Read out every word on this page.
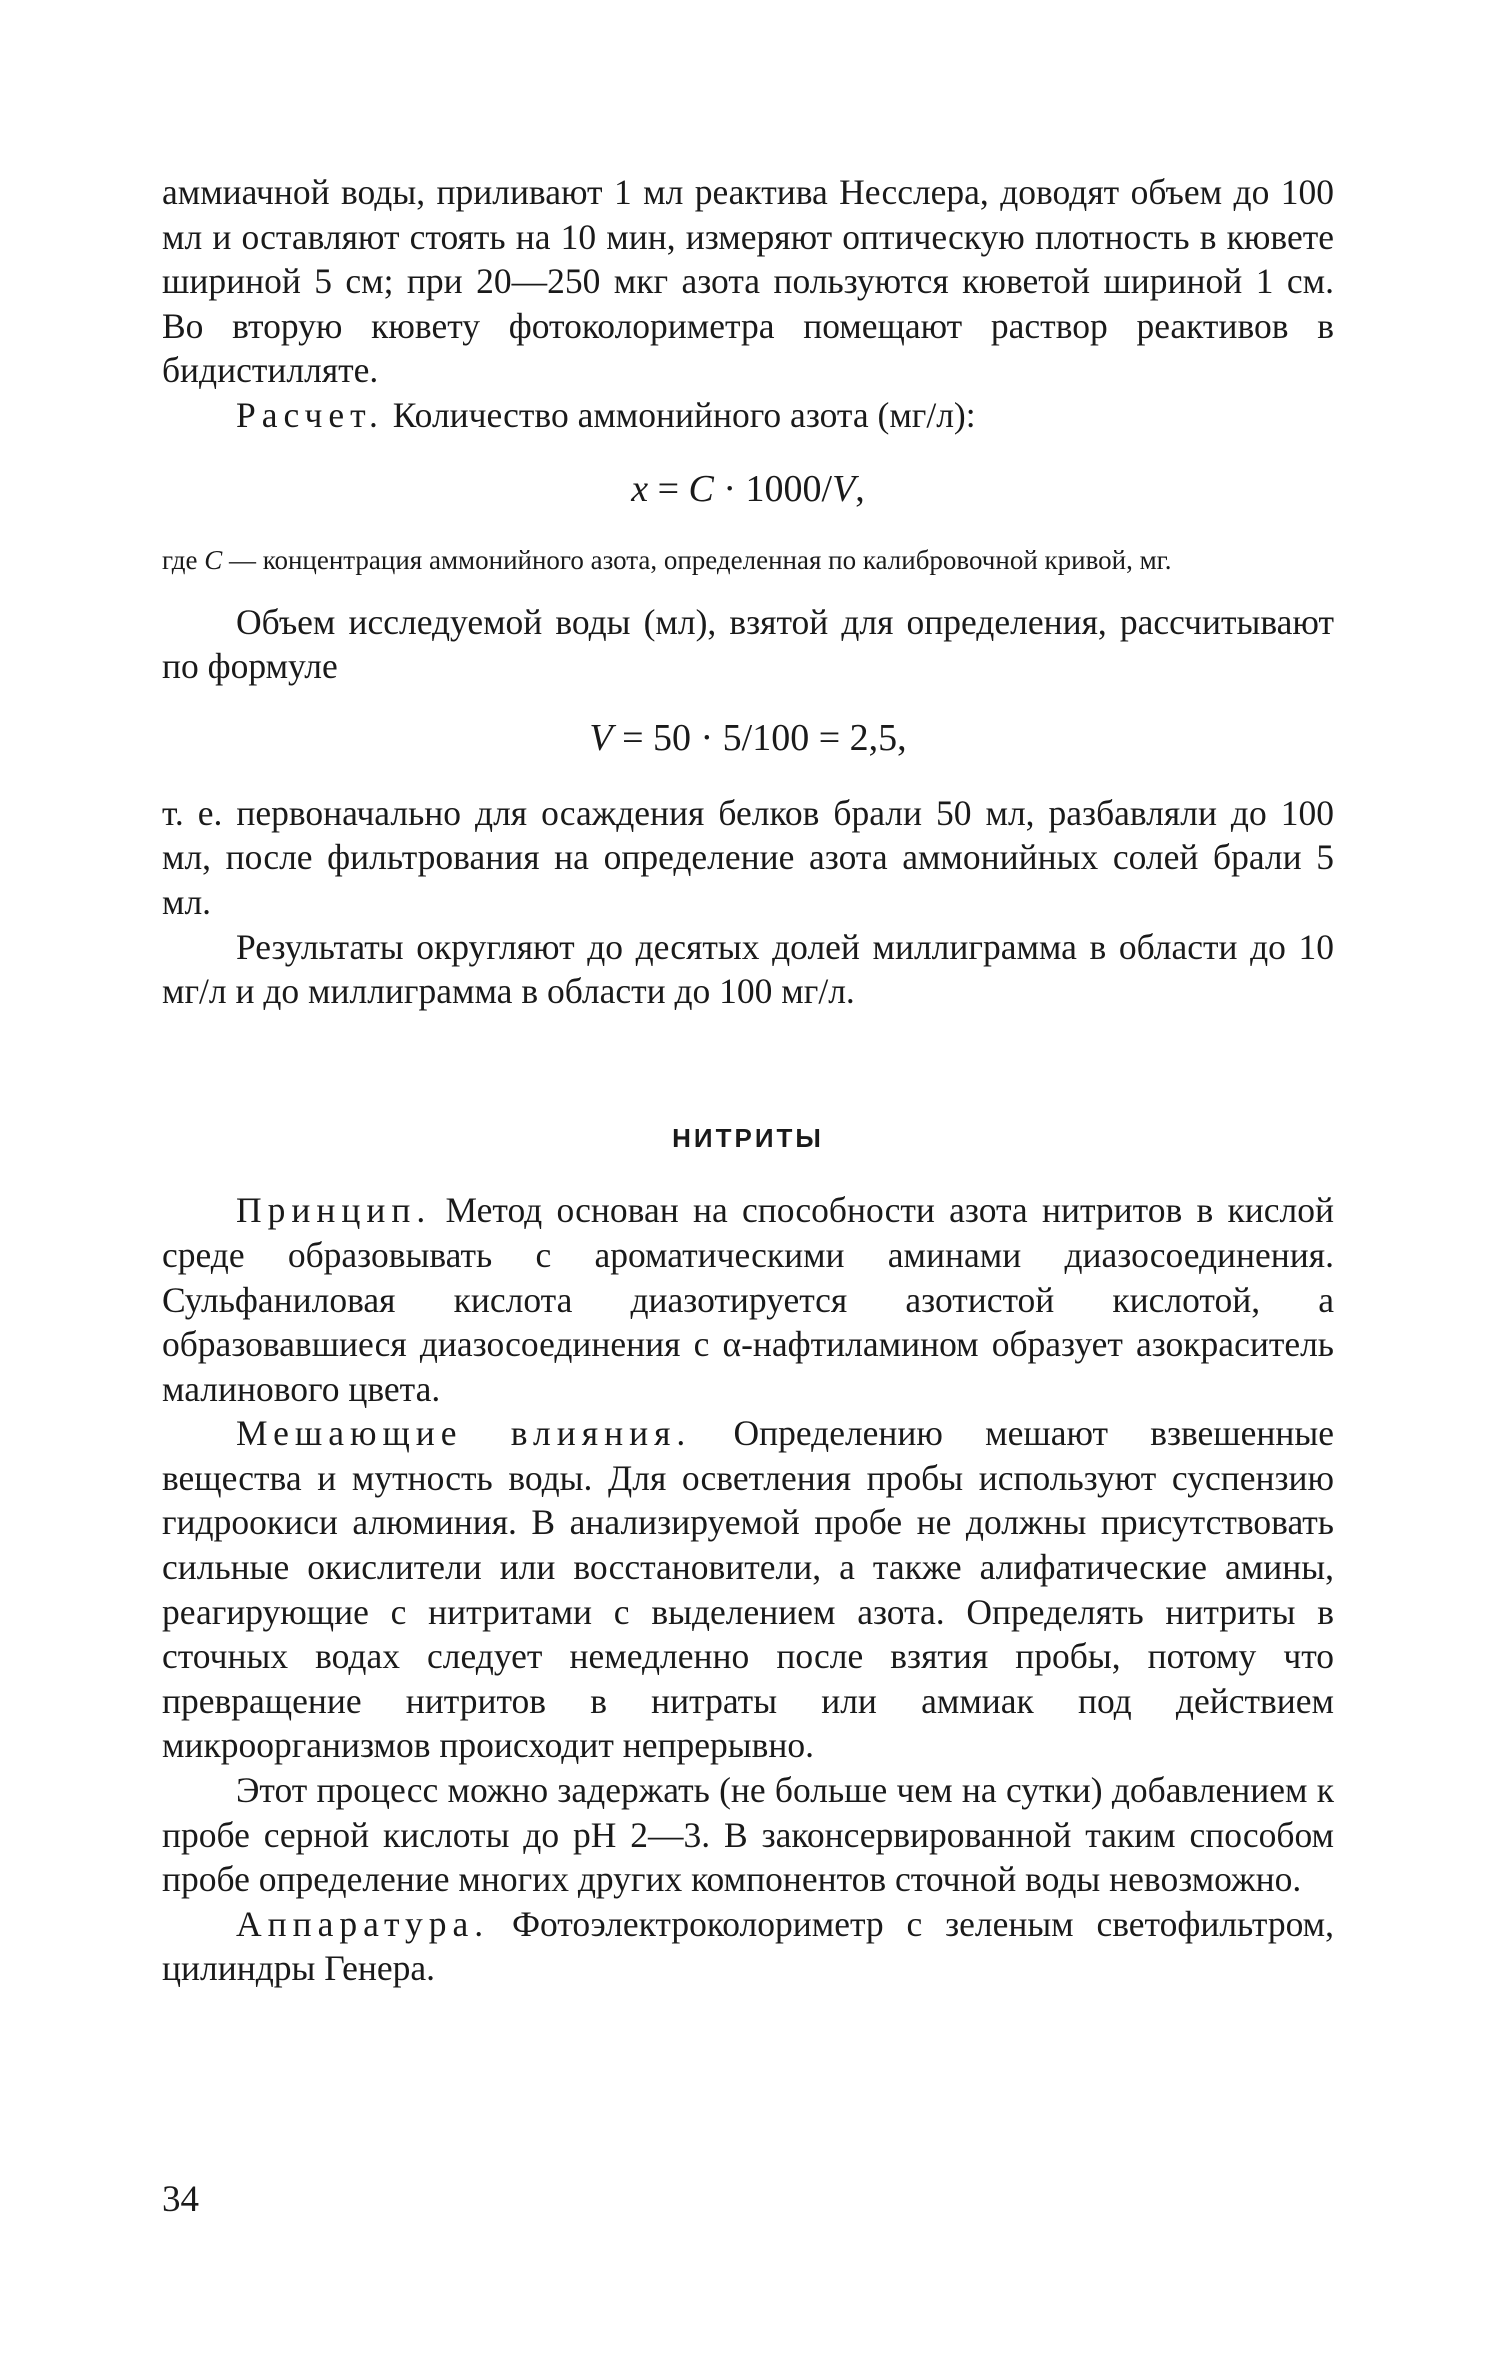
аммиачной воды, приливают 1 мл реактива Несслера, доводят объем до 100 мл и оставляют стоять на 10 мин, измеряют оптическую плотность в кювете шириной 5 см; при 20—250 мкг азота пользуются кюветой шириной 1 см. Во вторую кювету фотоколориметра помещают раствор реактивов в бидистилляте.

Расчет. Количество аммонийного азота (мг/л):

x = C · 1000/V,

где C — концентрация аммонийного азота, определенная по калибровочной кривой, мг.

Объем исследуемой воды (мл), взятой для определения, рассчитывают по формуле

V = 50 · 5/100 = 2,5,

т. е. первоначально для осаждения белков брали 50 мл, разбавляли до 100 мл, после фильтрования на определение азота аммонийных солей брали 5 мл.

Результаты округляют до десятых долей миллиграмма в области до 10 мг/л и до миллиграмма в области до 100 мг/л.

НИТРИТЫ

Принцип. Метод основан на способности азота нитритов в кислой среде образовывать с ароматическими аминами диазосоединения. Сульфаниловая кислота диазотируется азотистой кислотой, а образовавшиеся диазосоединения с α-нафтиламином образует азокраситель малинового цвета.

Мешающие влияния. Определению мешают взвешенные вещества и мутность воды. Для осветления пробы используют суспензию гидроокиси алюминия. В анализируемой пробе не должны присутствовать сильные окислители или восстановители, а также алифатические амины, реагирующие с нитритами с выделением азота. Определять нитриты в сточных водах следует немедленно после взятия пробы, потому что превращение нитритов в нитраты или аммиак под действием микроорганизмов происходит непрерывно.

Этот процесс можно задержать (не больше чем на сутки) добавлением к пробе серной кислоты до pH 2—3. В законсервированной таким способом пробе определение многих других компонентов сточной воды невозможно.

Аппаратура. Фотоэлектроколориметр с зеленым светофильтром, цилиндры Генера.

34
